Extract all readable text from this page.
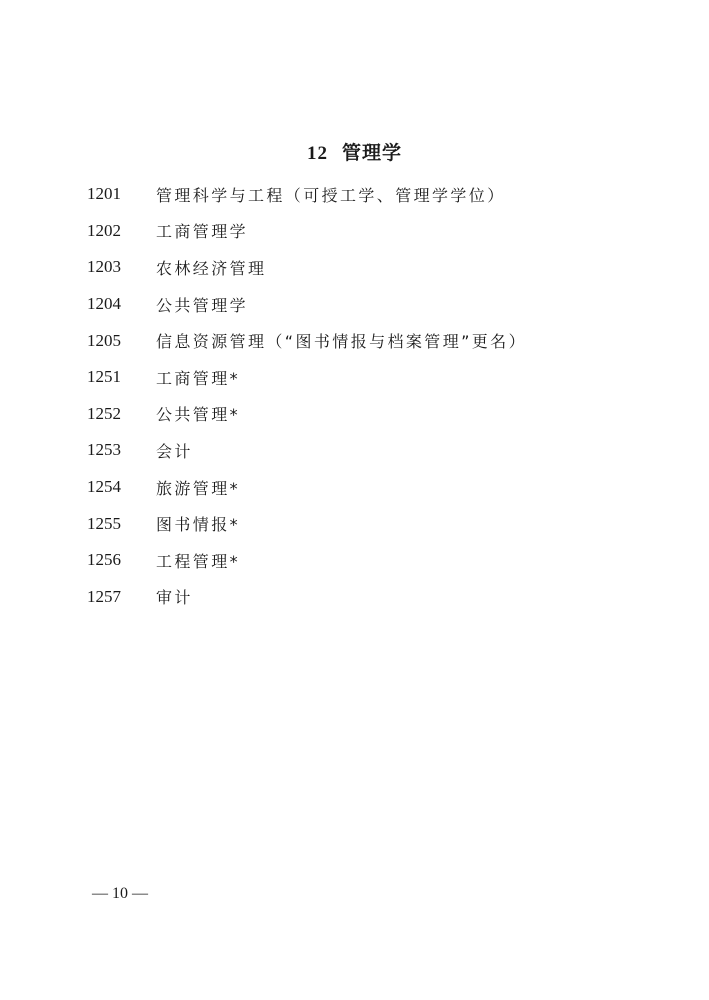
12 管理学
1201	管理科学与工程（可授工学、管理学学位）
1202	工商管理学
1203	农林经济管理
1204	公共管理学
1205	信息资源管理（“图书情报与档案管理”更名）
1251	工商管理*
1252	公共管理*
1253	会计
1254	旅游管理*
1255	图书情报*
1256	工程管理*
1257	审计
— 10 —
